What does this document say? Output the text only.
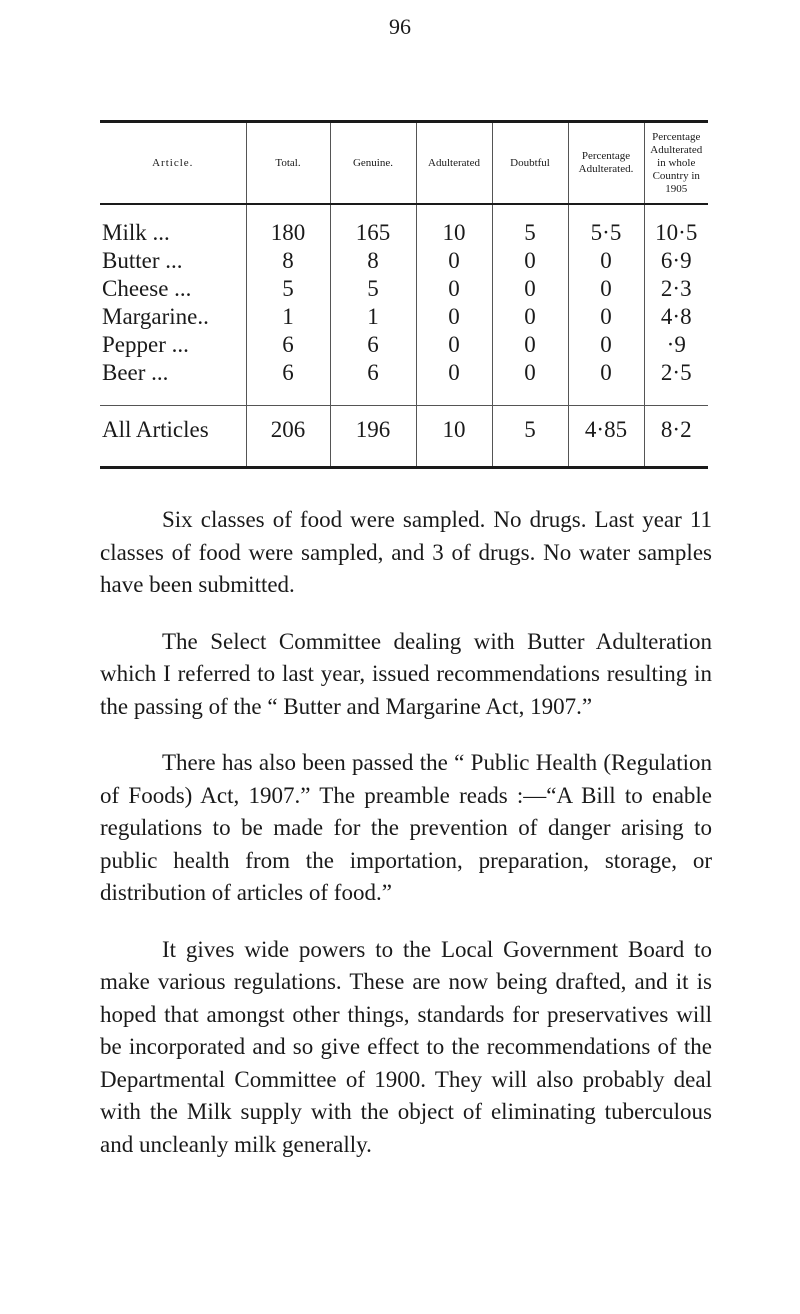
96
Article.	Total.	Genuine.	Adulterated	Doubtful	Percentage Adulterated.	Percentage Adulterated in whole Country in 1905
Milk ...	180	165	10	5	5·5	10·5
Butter ...	8	8	0	0	0	6·9
Cheese ...	5	5	0	0	0	2·3
Margarine..	1	1	0	0	0	4·8
Pepper ...	6	6	0	0	0	·9
Beer ...	6	6	0	0	0	2·5
All Articles	206	196	10	5	4·85	8·2

Six classes of food were sampled. No drugs. Last year 11 classes of food were sampled, and 3 of drugs. No water samples have been submitted.

The Select Committee dealing with Butter Adulteration which I referred to last year, issued recommendations resulting in the passing of the “ Butter and Margarine Act, 1907.”

There has also been passed the “ Public Health (Regulation of Foods) Act, 1907.” The preamble reads :—“A Bill to enable regulations to be made for the prevention of danger arising to public health from the importation, preparation, storage, or distribution of articles of food.”

It gives wide powers to the Local Government Board to make various regulations. These are now being drafted, and it is hoped that amongst other things, standards for preservatives will be incorporated and so give effect to the recommendations of the Departmental Committee of 1900. They will also probably deal with the Milk supply with the object of eliminating tuberculous and uncleanly milk generally.
